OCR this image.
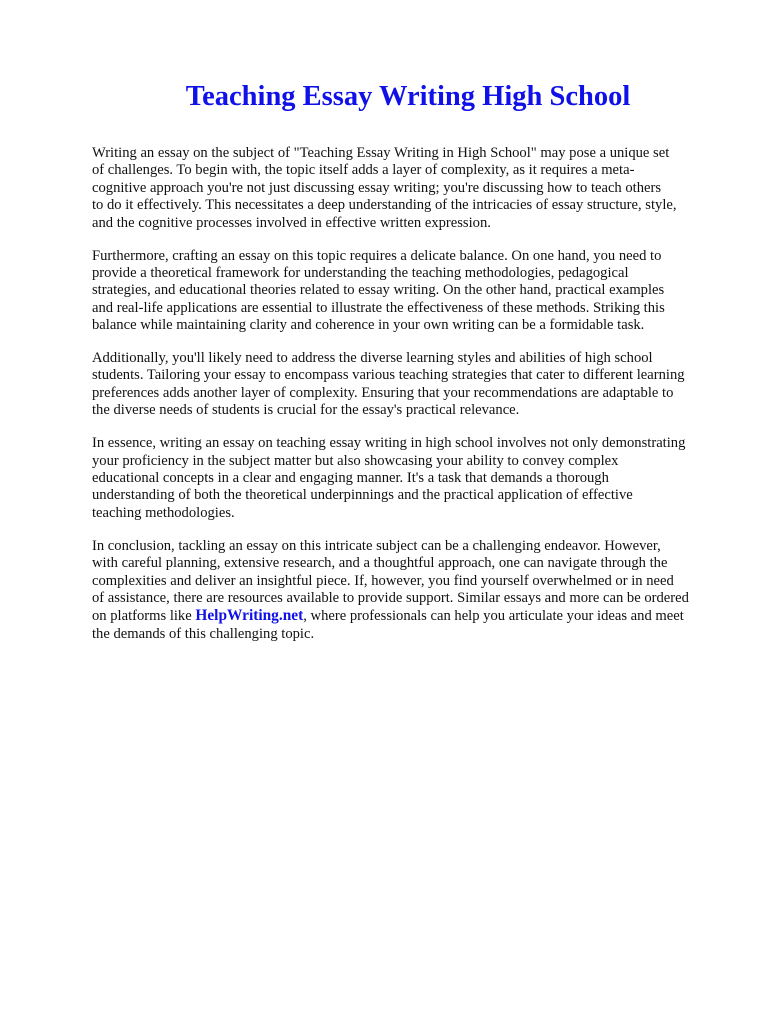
Teaching Essay Writing High School

Writing an essay on the subject of "Teaching Essay Writing in High School" may pose a unique set
of challenges. To begin with, the topic itself adds a layer of complexity, as it requires a meta-
cognitive approach you're not just discussing essay writing; you're discussing how to teach others
to do it effectively. This necessitates a deep understanding of the intricacies of essay structure, style,
and the cognitive processes involved in effective written expression.

Furthermore, crafting an essay on this topic requires a delicate balance. On one hand, you need to
provide a theoretical framework for understanding the teaching methodologies, pedagogical
strategies, and educational theories related to essay writing. On the other hand, practical examples
and real-life applications are essential to illustrate the effectiveness of these methods. Striking this
balance while maintaining clarity and coherence in your own writing can be a formidable task.

Additionally, you'll likely need to address the diverse learning styles and abilities of high school
students. Tailoring your essay to encompass various teaching strategies that cater to different learning
preferences adds another layer of complexity. Ensuring that your recommendations are adaptable to
the diverse needs of students is crucial for the essay's practical relevance.

In essence, writing an essay on teaching essay writing in high school involves not only demonstrating
your proficiency in the subject matter but also showcasing your ability to convey complex
educational concepts in a clear and engaging manner. It's a task that demands a thorough
understanding of both the theoretical underpinnings and the practical application of effective
teaching methodologies.

In conclusion, tackling an essay on this intricate subject can be a challenging endeavor. However,
with careful planning, extensive research, and a thoughtful approach, one can navigate through the
complexities and deliver an insightful piece. If, however, you find yourself overwhelmed or in need
of assistance, there are resources available to provide support. Similar essays and more can be ordered
on platforms like HelpWriting.net, where professionals can help you articulate your ideas and meet
the demands of this challenging topic.
